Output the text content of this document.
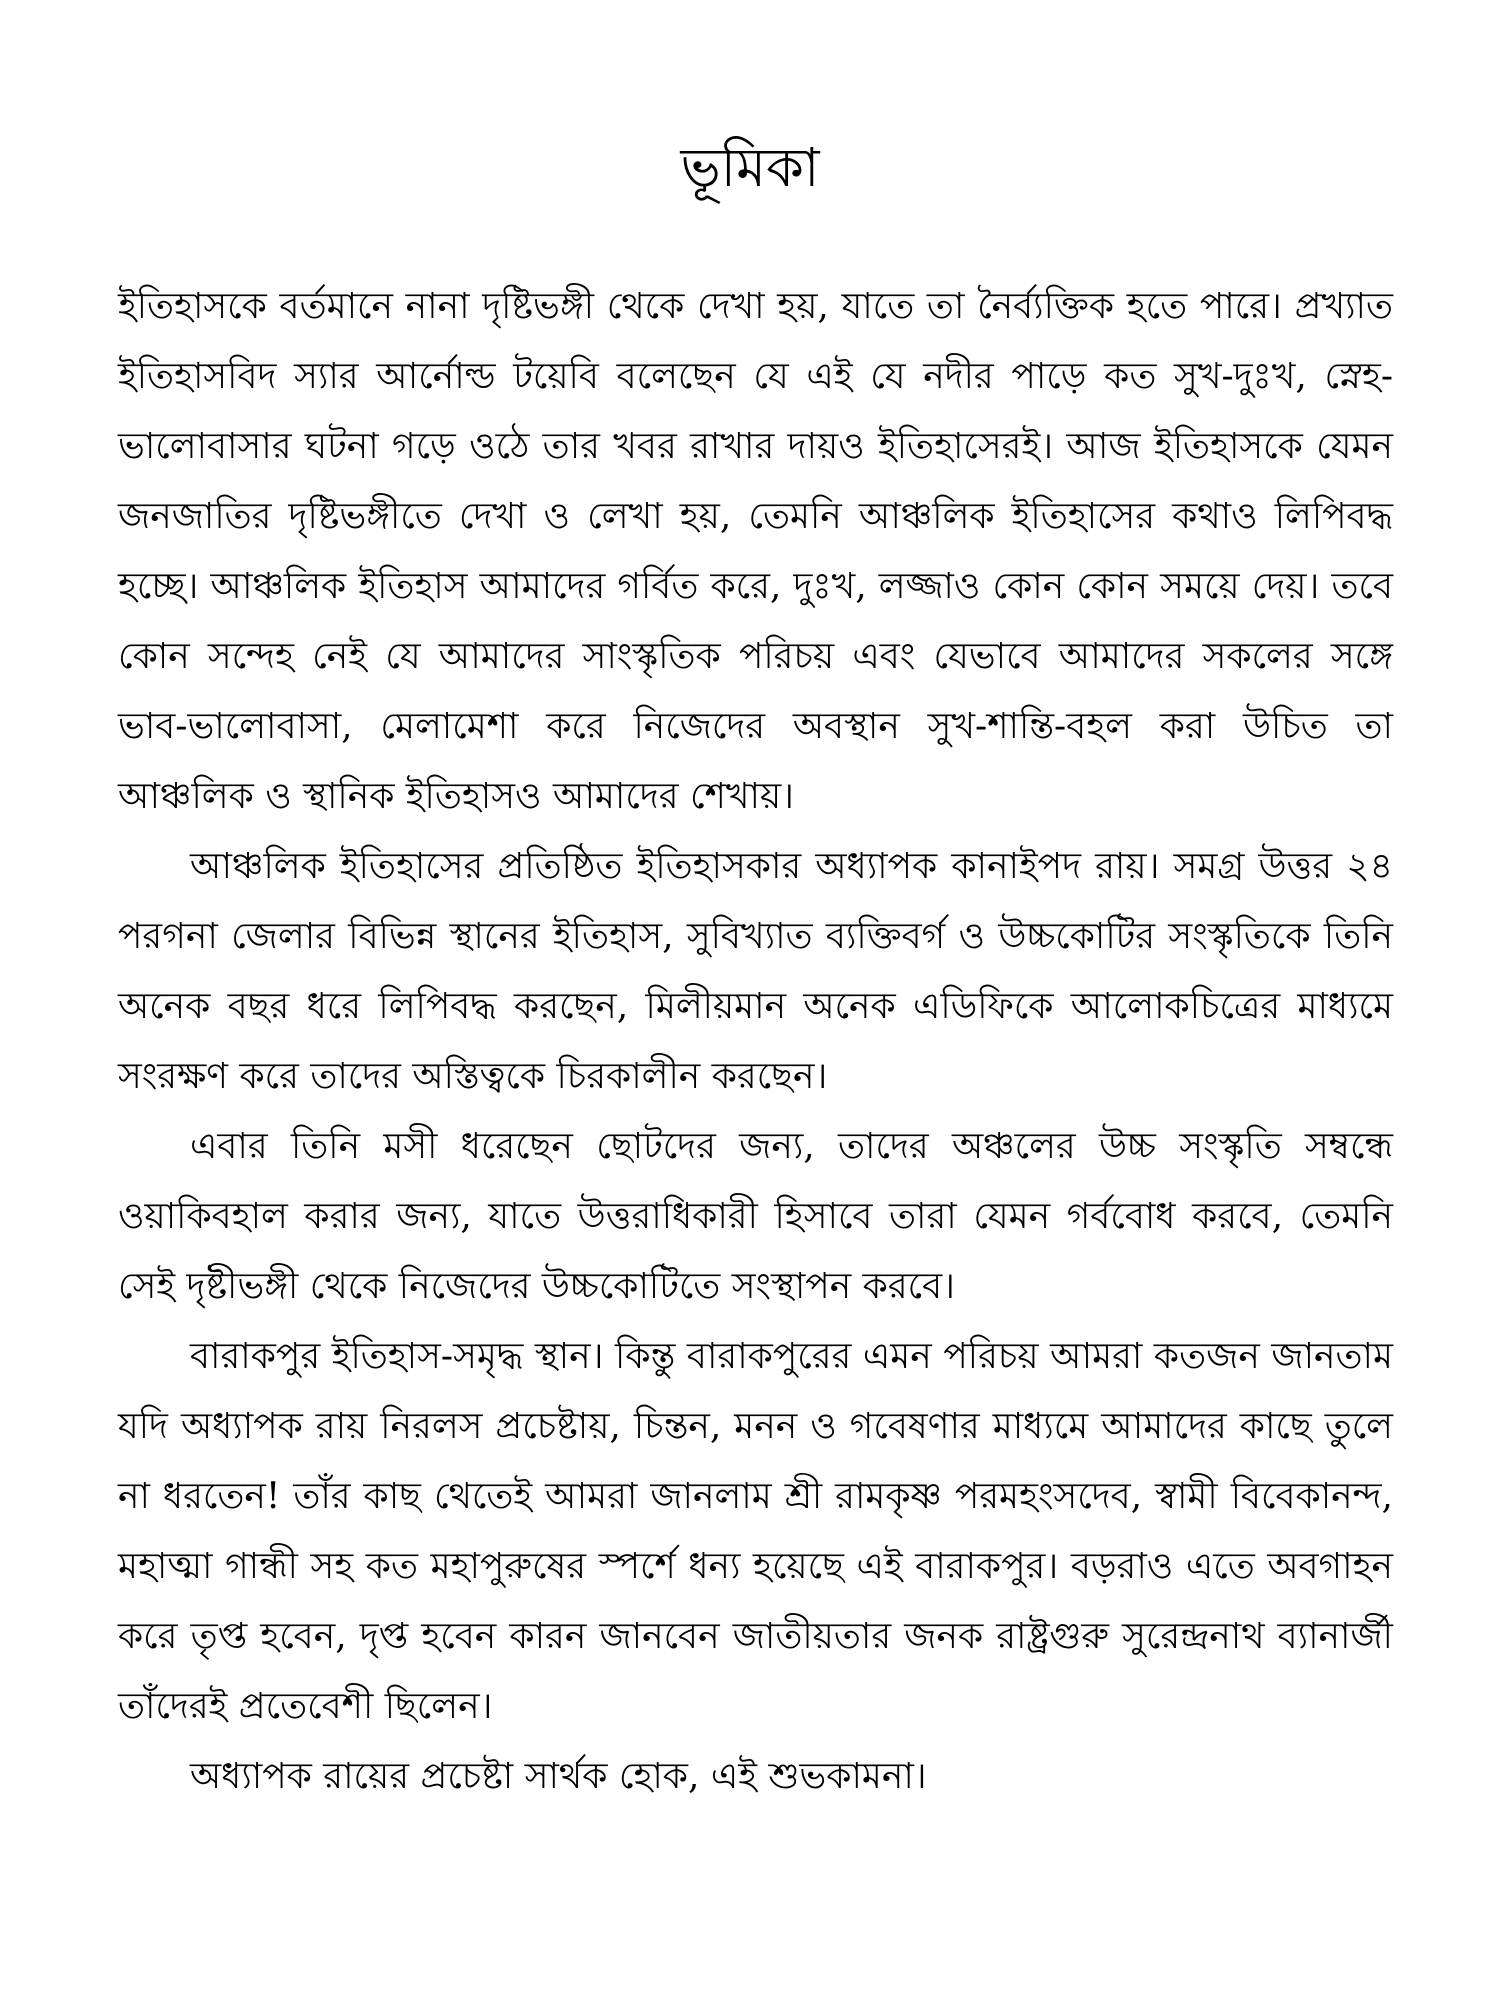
ভূমিকা

ইতিহাসকে বর্তমানে নানা দৃষ্টিভঙ্গী থেকে দেখা হয়, যাতে তা নৈর্ব্যক্তিক হতে পারে। প্রখ্যাত ইতিহাসবিদ স্যার আর্নোল্ড টয়েবি বলেছেন যে এই যে নদীর পাড়ে কত সুখ-দুঃখ, স্নেহ-ভালোবাসার ঘটনা গড়ে ওঠে তার খবর রাখার দায়ও ইতিহাসেরই। আজ ইতিহাসকে যেমন জনজাতির দৃষ্টিভঙ্গীতে দেখা ও লেখা হয়, তেমনি আঞ্চলিক ইতিহাসের কথাও লিপিবদ্ধ হচ্ছে। আঞ্চলিক ইতিহাস আমাদের গর্বিত করে, দুঃখ, লজ্জাও কোন কোন সময়ে দেয়। তবে কোন সন্দেহ নেই যে আমাদের সাংস্কৃতিক পরিচয় এবং যেভাবে আমাদের সকলের সঙ্গে ভাব-ভালোবাসা, মেলামেশা করে নিজেদের অবস্থান সুখ-শান্তি-বহল করা উচিত তা আঞ্চলিক ও স্থানিক ইতিহাসও আমাদের শেখায়।

আঞ্চলিক ইতিহাসের প্রতিষ্ঠিত ইতিহাসকার অধ্যাপক কানাইপদ রায়। সমগ্র উত্তর ২৪ পরগনা জেলার বিভিন্ন স্থানের ইতিহাস, সুবিখ্যাত ব্যক্তিবর্গ ও উচ্চকোটির সংস্কৃতিকে তিনি অনেক বছর ধরে লিপিবদ্ধ করছেন, মিলীয়মান অনেক এডিফিকে আলোকচিত্রের মাধ্যমে সংরক্ষণ করে তাদের অস্তিত্বকে চিরকালীন করছেন।

এবার তিনি মসী ধরেছেন ছোটদের জন্য, তাদের অঞ্চলের উচ্চ সংস্কৃতি সম্বন্ধে ওয়াকিবহাল করার জন্য, যাতে উত্তরাধিকারী হিসাবে তারা যেমন গর্ববোধ করবে, তেমনি সেই দৃষ্টীভঙ্গী থেকে নিজেদের উচ্চকোটিতে সংস্থাপন করবে।

বারাকপুর ইতিহাস-সমৃদ্ধ স্থান। কিন্তু বারাকপুরের এমন পরিচয় আমরা কতজন জানতাম যদি অধ্যাপক রায় নিরলস প্রচেষ্টায়, চিন্তন, মনন ও গবেষণার মাধ্যমে আমাদের কাছে তুলে না ধরতেন! তাঁর কাছ থেতেই আমরা জানলাম শ্রী রামকৃষ্ণ পরমহংসদেব, স্বামী বিবেকানন্দ, মহাত্মা গান্ধী সহ কত মহাপুরুষের স্পর্শে ধন্য হয়েছে এই বারাকপুর। বড়রাও এতে অবগাহন করে তৃপ্ত হবেন, দৃপ্ত হবেন কারন জানবেন জাতীয়তার জনক রাষ্ট্রগুরু সুরেন্দ্রনাথ ব্যানার্জী তাঁদেরই প্রতেবেশী ছিলেন।

অধ্যাপক রায়ের প্রচেষ্টা সার্থক হোক, এই শুভকামনা।
